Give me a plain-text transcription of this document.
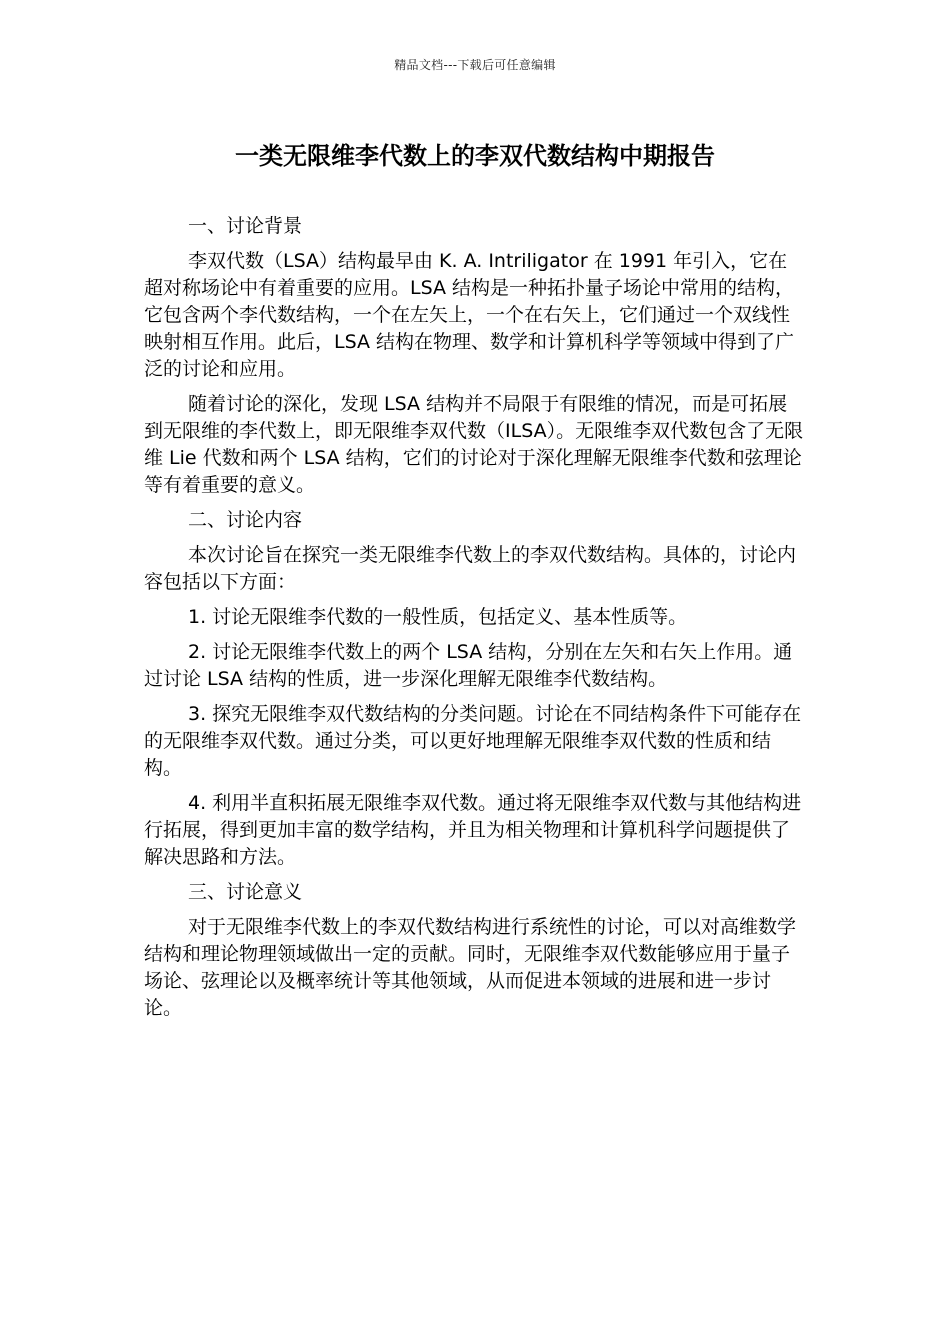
精品文档---下载后可任意编辑
一类无限维李代数上的李双代数结构中期报告

一、讨论背景

李双代数（LSA）结构最早由 K. A. Intriligator 在 1991 年引入，它在超对称场论中有着重要的应用。LSA 结构是一种拓扑量子场论中常用的结构，它包含两个李代数结构，一个在左矢上，一个在右矢上，它们通过一个双线性映射相互作用。此后，LSA 结构在物理、数学和计算机科学等领域中得到了广泛的讨论和应用。

随着讨论的深化，发现 LSA 结构并不局限于有限维的情况，而是可拓展到无限维的李代数上，即无限维李双代数（ILSA）。无限维李双代数包含了无限维 Lie 代数和两个 LSA 结构，它们的讨论对于深化理解无限维李代数和弦理论等有着重要的意义。

二、讨论内容

本次讨论旨在探究一类无限维李代数上的李双代数结构。具体的，讨论内容包括以下方面：

1. 讨论无限维李代数的一般性质，包括定义、基本性质等。

2. 讨论无限维李代数上的两个 LSA 结构，分别在左矢和右矢上作用。通过讨论 LSA 结构的性质，进一步深化理解无限维李代数结构。

3. 探究无限维李双代数结构的分类问题。讨论在不同结构条件下可能存在的无限维李双代数。通过分类，可以更好地理解无限维李双代数的性质和结构。

4. 利用半直积拓展无限维李双代数。通过将无限维李双代数与其他结构进行拓展，得到更加丰富的数学结构，并且为相关物理和计算机科学问题提供了解决思路和方法。

三、讨论意义

对于无限维李代数上的李双代数结构进行系统性的讨论，可以对高维数学结构和理论物理领域做出一定的贡献。同时，无限维李双代数能够应用于量子场论、弦理论以及概率统计等其他领域，从而促进本领域的进展和进一步讨论。
